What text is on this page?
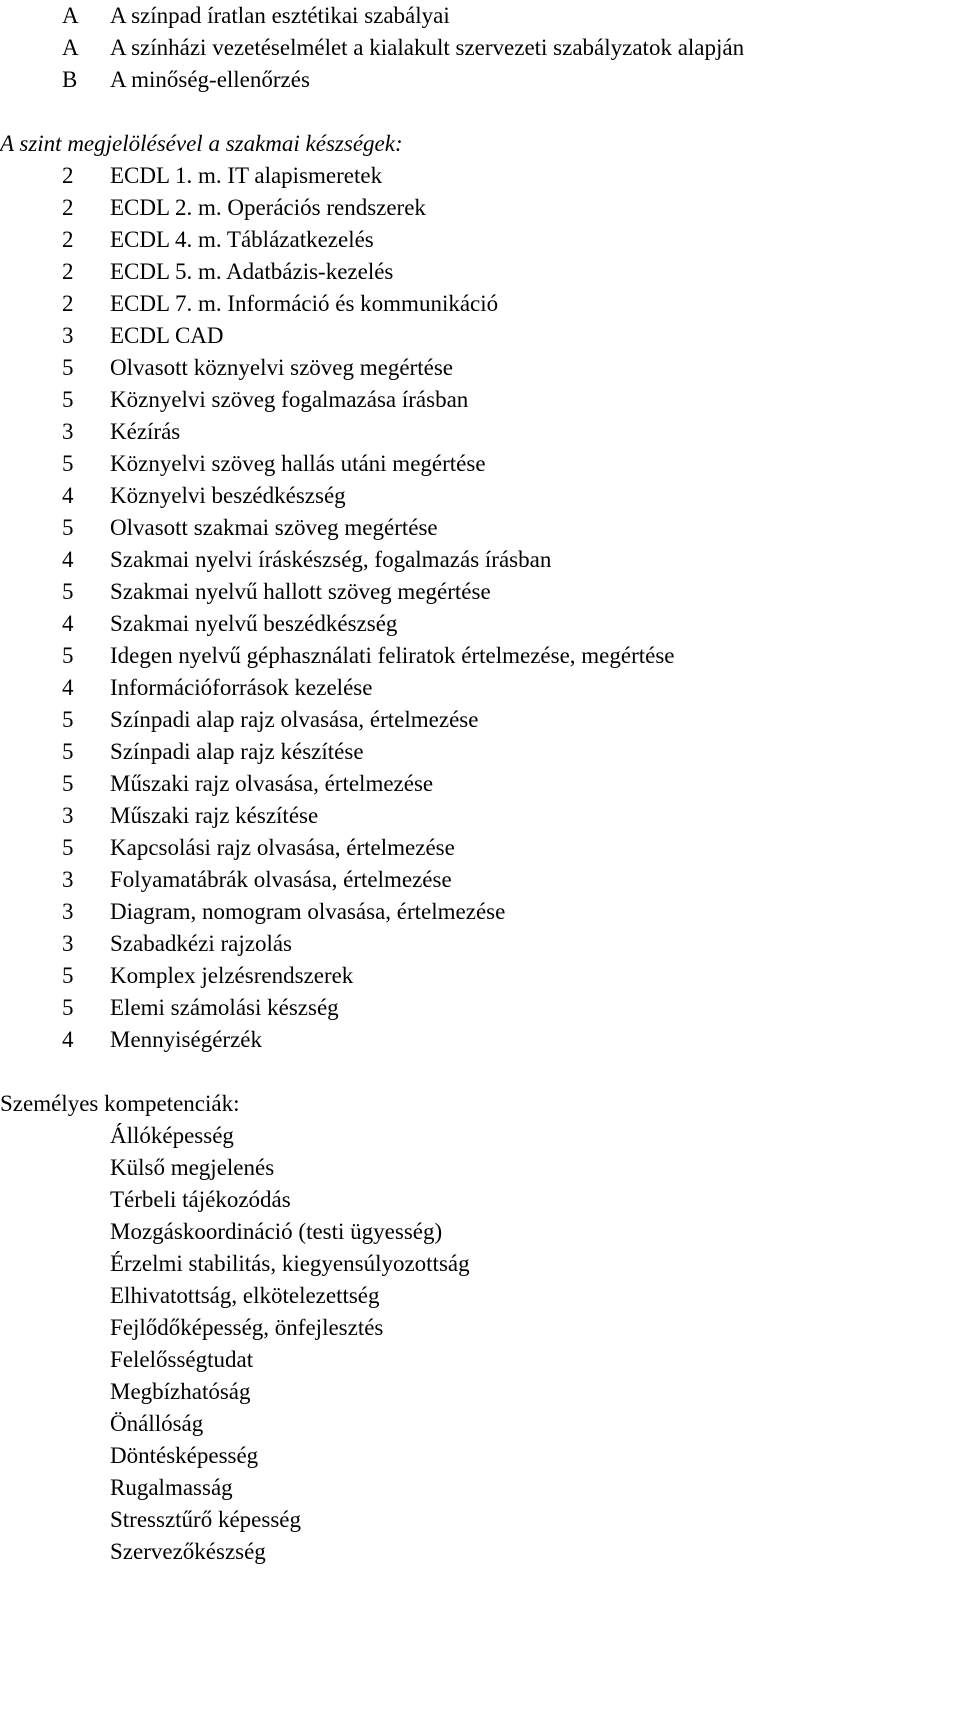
A	A színpad íratlan esztétikai szabályai
A	A színházi vezetéselmélet a kialakult szervezeti szabályzatok alapján
B	A minőség-ellenőrzés
A szint megjelölésével a szakmai készségek:
2	ECDL 1. m. IT alapismeretek
2	ECDL 2. m. Operációs rendszerek
2	ECDL 4. m. Táblázatkezelés
2	ECDL 5. m. Adatbázis-kezelés
2	ECDL 7. m. Információ és kommunikáció
3	ECDL CAD
5	Olvasott köznyelvi szöveg megértése
5	Köznyelvi szöveg fogalmazása írásban
3	Kézírás
5	Köznyelvi szöveg hallás utáni megértése
4	Köznyelvi beszédkészség
5	Olvasott szakmai szöveg megértése
4	Szakmai nyelvi íráskészség, fogalmazás írásban
5	Szakmai nyelvű hallott szöveg megértése
4	Szakmai nyelvű beszédkészség
5	Idegen nyelvű géphasználati feliratok értelmezése, megértése
4	Információforrások kezelése
5	Színpadi alap rajz olvasása, értelmezése
5	Színpadi alap rajz készítése
5	Műszaki rajz olvasása, értelmezése
3	Műszaki rajz készítése
5	Kapcsolási rajz olvasása, értelmezése
3	Folyamatábrák olvasása, értelmezése
3	Diagram, nomogram olvasása, értelmezése
3	Szabadkézi rajzolás
5	Komplex jelzésrendszerek
5	Elemi számolási készség
4	Mennyiségérzék
Személyes kompetenciák:
Állóképesség
Külső megjelenés
Térbeli tájékozódás
Mozgáskoordináció (testi ügyesség)
Érzelmi stabilitás, kiegyensúlyozottság
Elhivatottság, elkötelezettség
Fejlődőképesség, önfejlesztés
Felelősségtudat
Megbízhatóság
Önállóság
Döntésképesség
Rugalmasság
Stressztűrő képesség
Szervezőkészség
